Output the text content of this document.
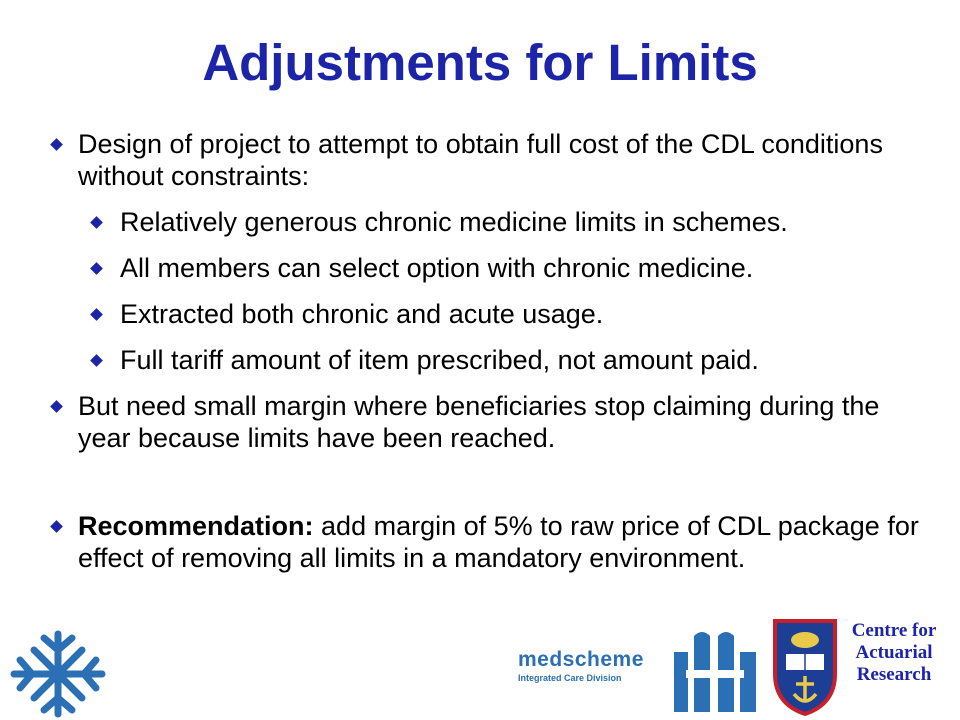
Adjustments for Limits
Design of project to attempt to obtain full cost of the CDL conditions without constraints:
Relatively generous chronic medicine limits in schemes.
All members can select option with chronic medicine.
Extracted both chronic and acute usage.
Full tariff amount of item prescribed, not amount paid.
But need small margin where beneficiaries stop claiming during the year because limits have been reached.
Recommendation: add margin of 5% to raw price of CDL package for effect of removing all limits in a mandatory environment.
medscheme
Integrated Care Division
Centre for
Actuarial
Research
